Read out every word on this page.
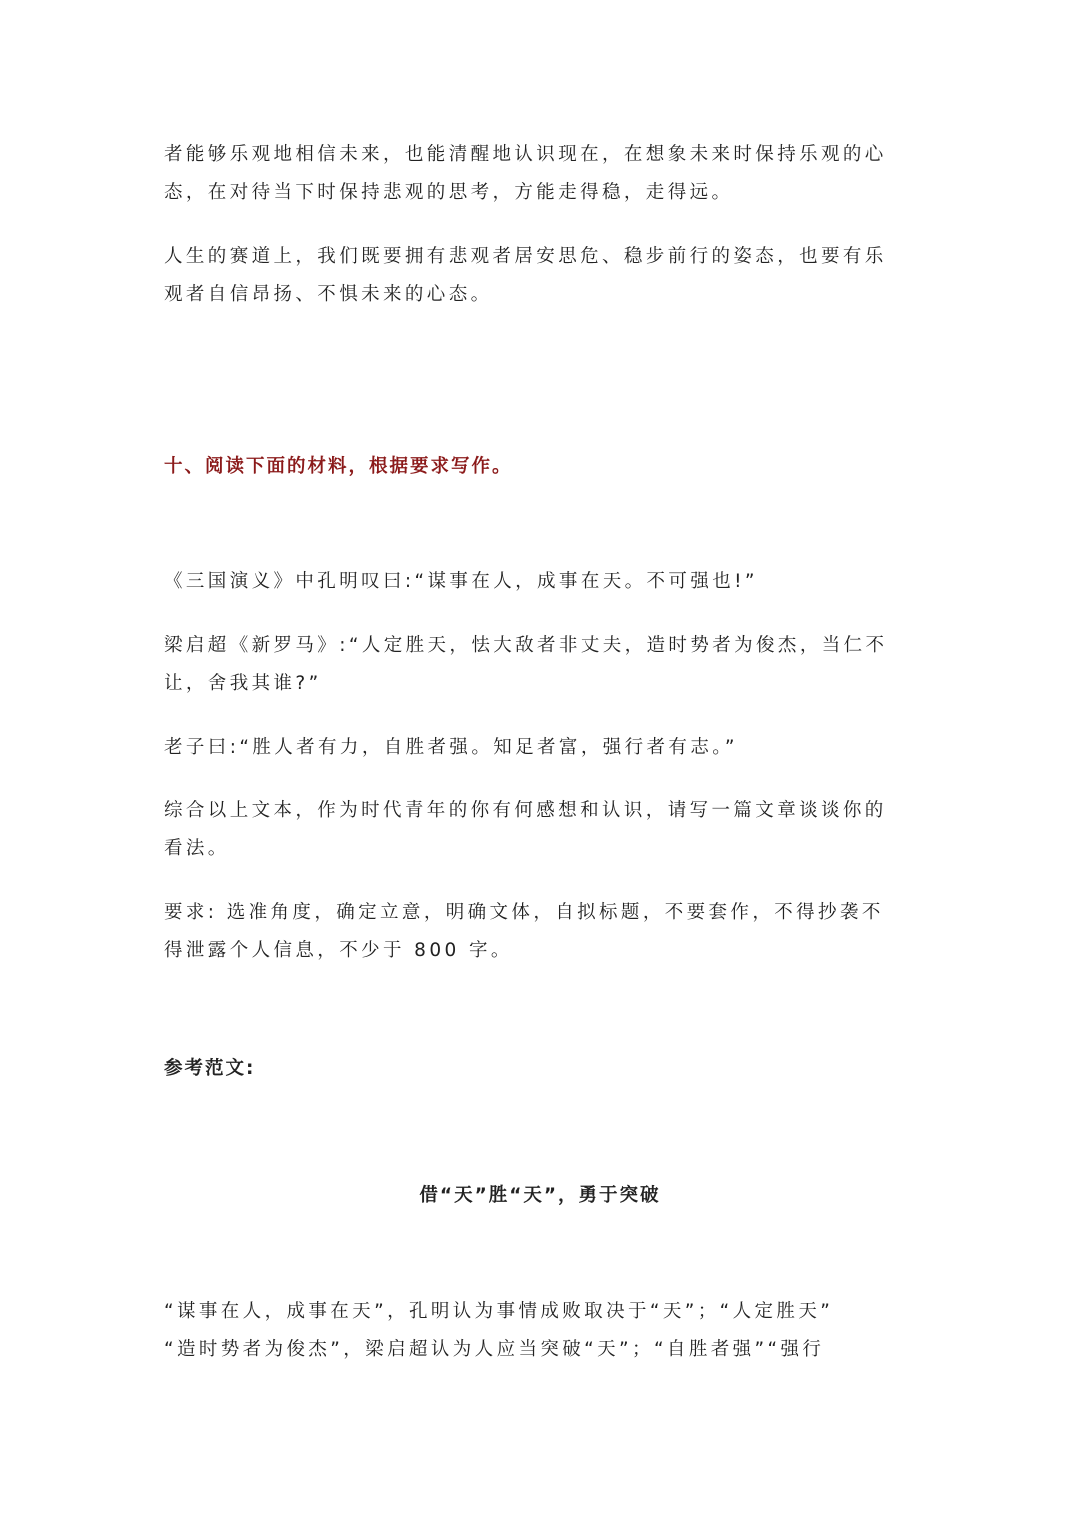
者能够乐观地相信未来，也能清醒地认识现在，在想象未来时保持乐观的心
态，在对待当下时保持悲观的思考，方能走得稳，走得远。

人生的赛道上，我们既要拥有悲观者居安思危、稳步前行的姿态，也要有乐
观者自信昂扬、不惧未来的心态。

十、阅读下面的材料，根据要求写作。

《三国演义》中孔明叹曰:“谋事在人，成事在天。不可强也!”

梁启超《新罗马》:“人定胜天，怯大敌者非丈夫，造时势者为俊杰，当仁不
让，舍我其谁?”

老子曰:“胜人者有力，自胜者强。知足者富，强行者有志。”

综合以上文本，作为时代青年的你有何感想和认识，请写一篇文章谈谈你的
看法。

要求: 选准角度，确定立意，明确文体，自拟标题，不要套作，不得抄袭不
得泄露个人信息，不少于 800 字。

参考范文:

借“天”胜“天”，勇于突破

“谋事在人，成事在天”，孔明认为事情成败取决于“天”；“人定胜天”
“造时势者为俊杰”，梁启超认为人应当突破“天”；“自胜者强”“强行
